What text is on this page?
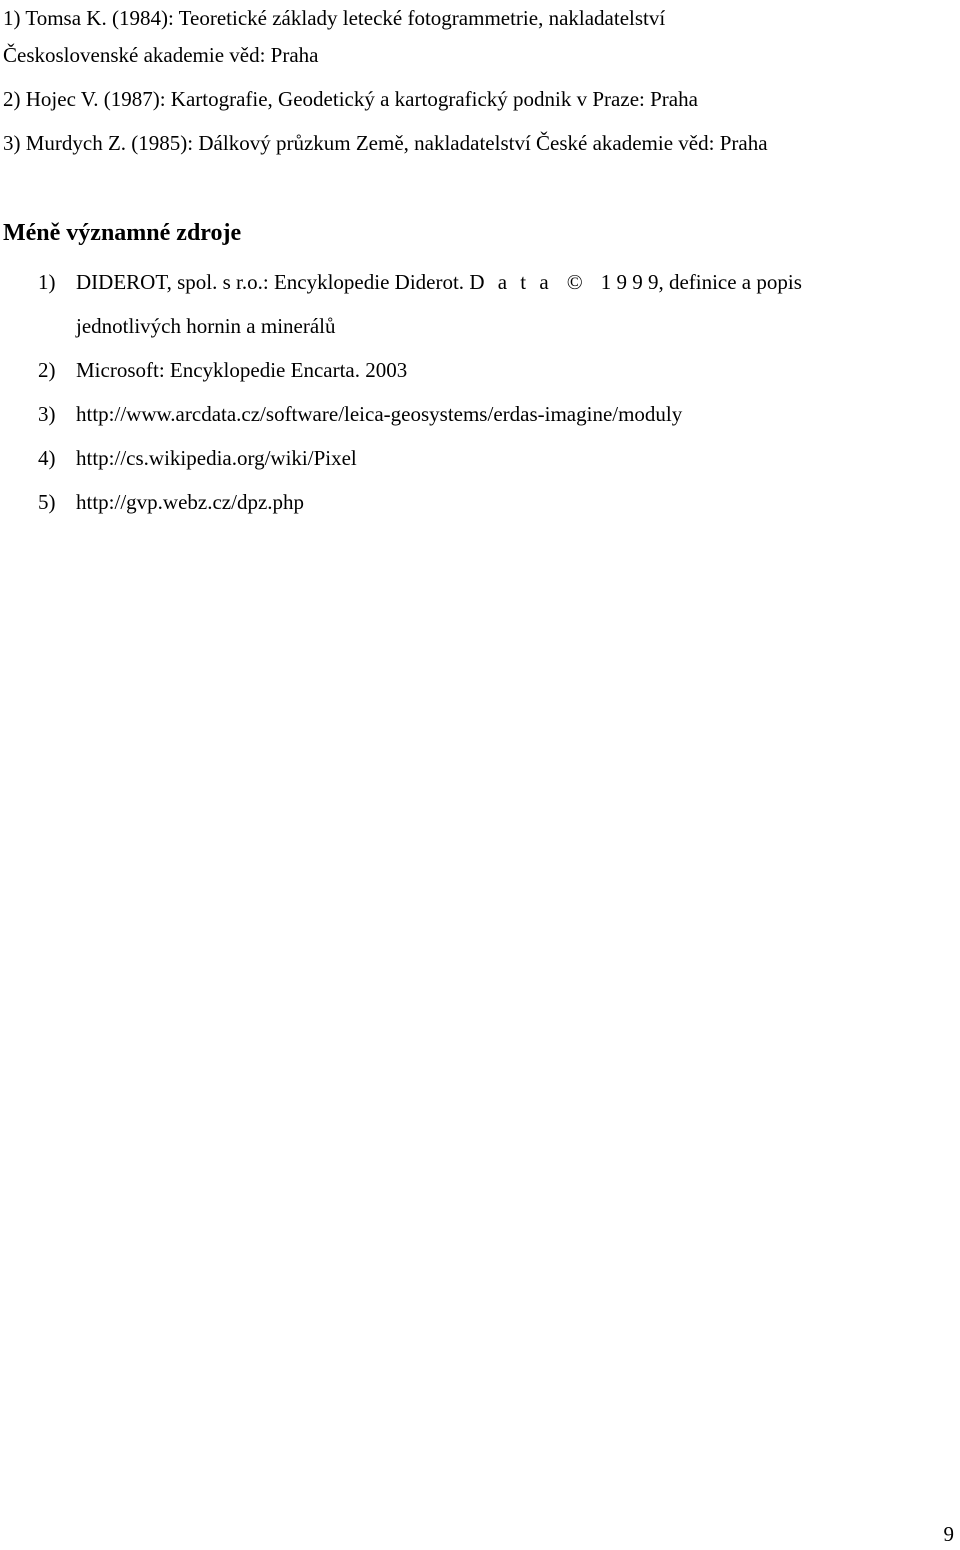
1) Tomsa K. (1984): Teoretické základy letecké fotogrammetrie, nakladatelství
Československé akademie věd: Praha
2) Hojec V. (1987): Kartografie, Geodetický a kartografický podnik v Praze: Praha
3) Murdych Z. (1985): Dálkový průzkum Země, nakladatelství České akademie věd: Praha
Méně významné zdroje
1) DIDEROT, spol. s r.o.: Encyklopedie Diderot. D a t a © 1 9 9 9, definice a popis
jednotlivých hornin a minerálů
2) Microsoft: Encyklopedie Encarta. 2003
3) http://www.arcdata.cz/software/leica-geosystems/erdas-imagine/moduly
4) http://cs.wikipedia.org/wiki/Pixel
5) http://gvp.webz.cz/dpz.php
9
